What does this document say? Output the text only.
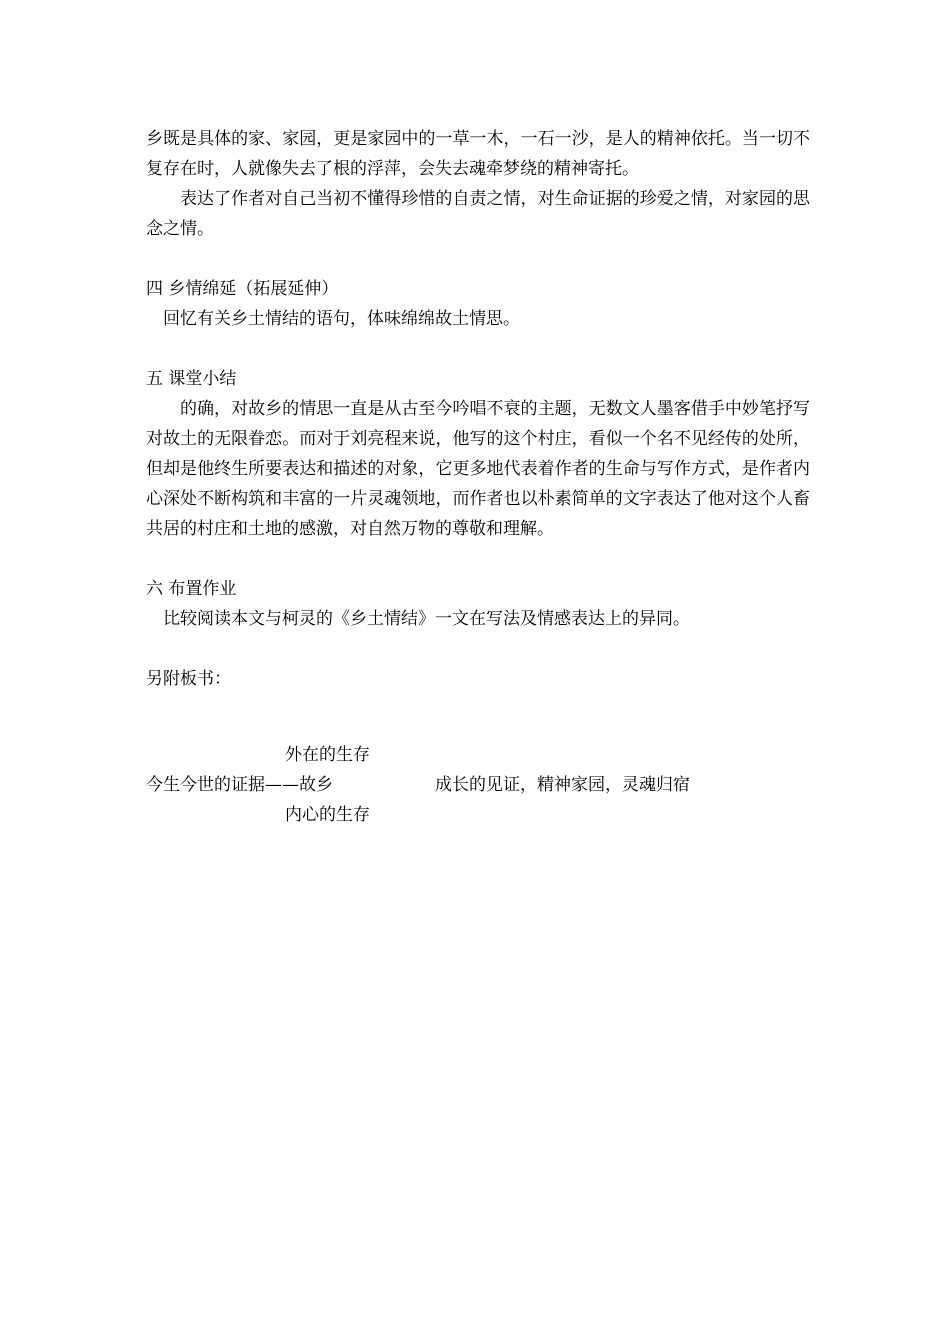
乡既是具体的家、家园，更是家园中的一草一木，一石一沙，是人的精神依托。当一切不复存在时，人就像失去了根的浮萍，会失去魂牵梦绕的精神寄托。

表达了作者对自己当初不懂得珍惜的自责之情，对生命证据的珍爱之情，对家园的思念之情。

四 乡情绵延（拓展延伸）

回忆有关乡土情结的语句，体味绵绵故土情思。

五 课堂小结

的确，对故乡的情思一直是从古至今吟唱不衰的主题，无数文人墨客借手中妙笔抒写对故土的无限眷恋。而对于刘亮程来说，他写的这个村庄，看似一个名不见经传的处所，但却是他终生所要表达和描述的对象，它更多地代表着作者的生命与写作方式，是作者内心深处不断构筑和丰富的一片灵魂领地，而作者也以朴素简单的文字表达了他对这个人畜共居的村庄和土地的感激，对自然万物的尊敬和理解。

六 布置作业

比较阅读本文与柯灵的《乡土情结》一文在写法及情感表达上的异同。

另附板书：

外在的生存
今生今世的证据——故乡	成长的见证，精神家园，灵魂归宿
内心的生存
